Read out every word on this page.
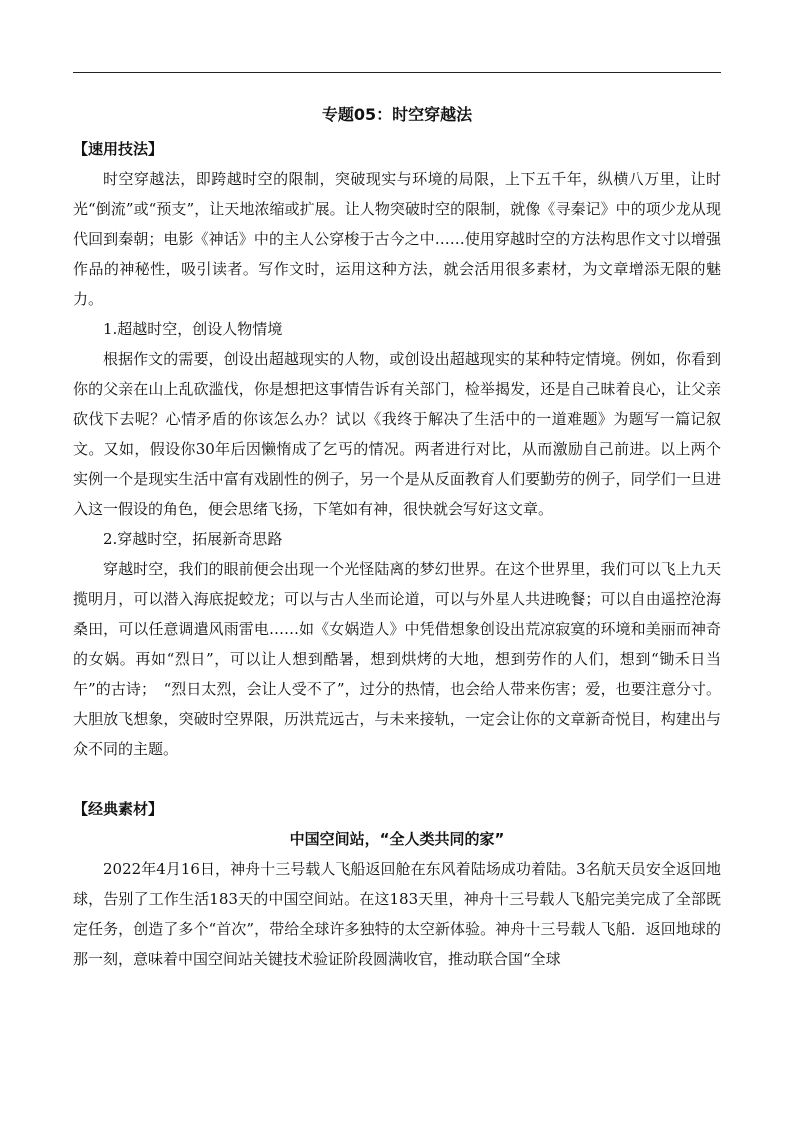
专题05：时空穿越法

【速用技法】

时空穿越法，即跨越时空的限制，突破现实与环境的局限，上下五千年，纵横八万里，让时光“倒流”或“预支”，让天地浓缩或扩展。让人物突破时空的限制，就像《寻秦记》中的项少龙从现代回到秦朝；电影《神话》中的主人公穿梭于古今之中……使用穿越时空的方法构思作文寸以增强作品的神秘性，吸引读者。写作文时，运用这种方法，就会活用很多素材，为文章增添无限的魅力。

1.超越时空，创设人物情境

根据作文的需要，创设出超越现实的人物，或创设出超越现实的某种特定情境。例如，你看到你的父亲在山上乱砍滥伐，你是想把这事情告诉有关部门，检举揭发，还是自己昧着良心，让父亲砍伐下去呢？心情矛盾的你该怎么办？试以《我终于解决了生活中的一道难题》为题写一篇记叙文。又如，假设你30年后因懒惰成了乞丐的情况。两者进行对比，从而激励自己前进。以上两个实例一个是现实生活中富有戏剧性的例子，另一个是从反面教育人们要勤劳的例子，同学们一旦进入这一假设的角色，便会思绪飞扬，下笔如有神，很快就会写好这文章。

2.穿越时空，拓展新奇思路

穿越时空，我们的眼前便会出现一个光怪陆离的梦幻世界。在这个世界里，我们可以飞上九天揽明月，可以潜入海底捉蛟龙；可以与古人坐而论道，可以与外星人共进晚餐；可以自由遥控沧海桑田，可以任意调遣风雨雷电……如《女娲造人》中凭借想象创设出荒凉寂寞的环境和美丽而神奇的女娲。再如“烈日”，可以让人想到酷暑，想到烘烤的大地，想到劳作的人们，想到“锄禾日当午”的古诗；　“烈日太烈，会让人受不了”，过分的热情，也会给人带来伤害；爱，也要注意分寸。大胆放飞想象，突破时空界限，历洪荒远古，与未来接轨，一定会让你的文章新奇悦目，构建出与众不同的主题。

【经典素材】

中国空间站，“全人类共同的家”

2022年4月16日，神舟十三号载人飞船返回舱在东风着陆场成功着陆。3名航天员安全返回地球，告别了工作生活183天的中国空间站。在这183天里，神舟十三号载人飞船完美完成了全部既定任务，创造了多个“首次”，带给全球许多独特的太空新体验。神舟十三号载人飞船．返回地球的那一刻，意味着中国空间站关键技术验证阶段圆满收官，推动联合国“全球
